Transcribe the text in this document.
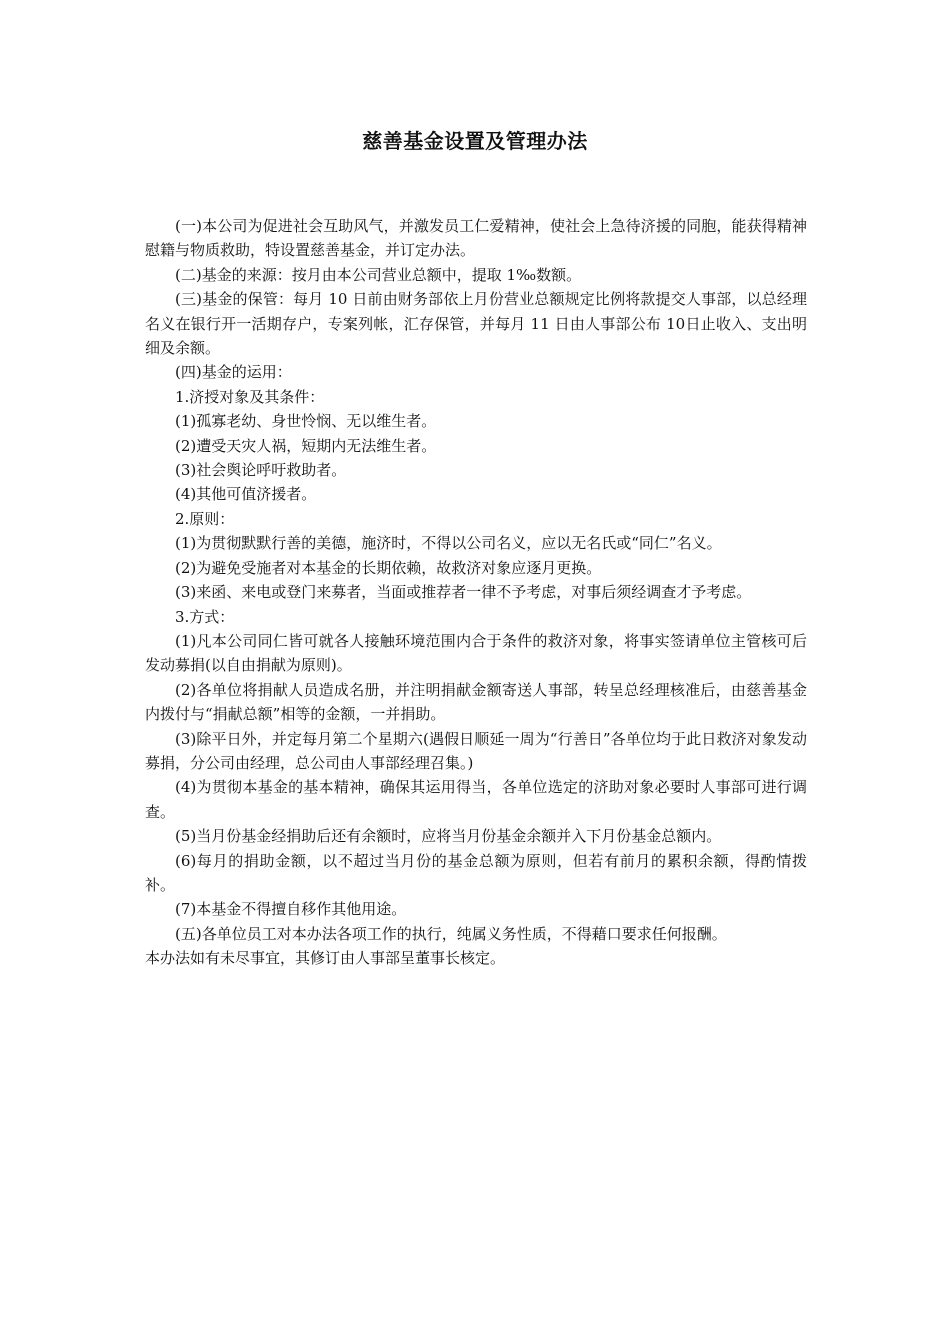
慈善基金设置及管理办法

(一)本公司为促进社会互助风气，并激发员工仁爱精神，使社会上急待济援的同胞，能获得精神慰籍与物质救助，特设置慈善基金，并订定办法。

(二)基金的来源：按月由本公司营业总额中，提取 1‰数额。

(三)基金的保管：每月 10 日前由财务部依上月份营业总额规定比例将款提交人事部，以总经理名义在银行开一活期存户，专案列帐，汇存保管，并每月 11 日由人事部公布 10日止收入、支出明细及余额。

(四)基金的运用：

1.济授对象及其条件：

(1)孤寡老幼、身世怜悯、无以维生者。

(2)遭受天灾人祸，短期内无法维生者。

(3)社会舆论呼吁救助者。

(4)其他可值济援者。

2.原则：

(1)为贯彻默默行善的美德，施济时，不得以公司名义，应以无名氏或“同仁”名义。

(2)为避免受施者对本基金的长期依赖，故救济对象应逐月更换。

(3)来函、来电或登门来募者，当面或推荐者一律不予考虑，对事后须经调查才予考虑。

3.方式：

(1)凡本公司同仁皆可就各人接触环境范围内合于条件的救济对象，将事实签请单位主管核可后发动募捐(以自由捐献为原则)。

(2)各单位将捐献人员造成名册，并注明捐献金额寄送人事部，转呈总经理核准后，由慈善基金内拨付与“捐献总额”相等的金额，一并捐助。

(3)除平日外，并定每月第二个星期六(遇假日顺延一周为“行善日”各单位均于此日救济对象发动募捐，分公司由经理，总公司由人事部经理召集。)

(4)为贯彻本基金的基本精神，确保其运用得当，各单位选定的济助对象必要时人事部可进行调查。

(5)当月份基金经捐助后还有余额时，应将当月份基金余额并入下月份基金总额内。

(6)每月的捐助金额，以不超过当月份的基金总额为原则，但若有前月的累积余额，得酌情拨补。

(7)本基金不得擅自移作其他用途。

(五)各单位员工对本办法各项工作的执行，纯属义务性质，不得藉口要求任何报酬。

本办法如有未尽事宜，其修订由人事部呈董事长核定。
